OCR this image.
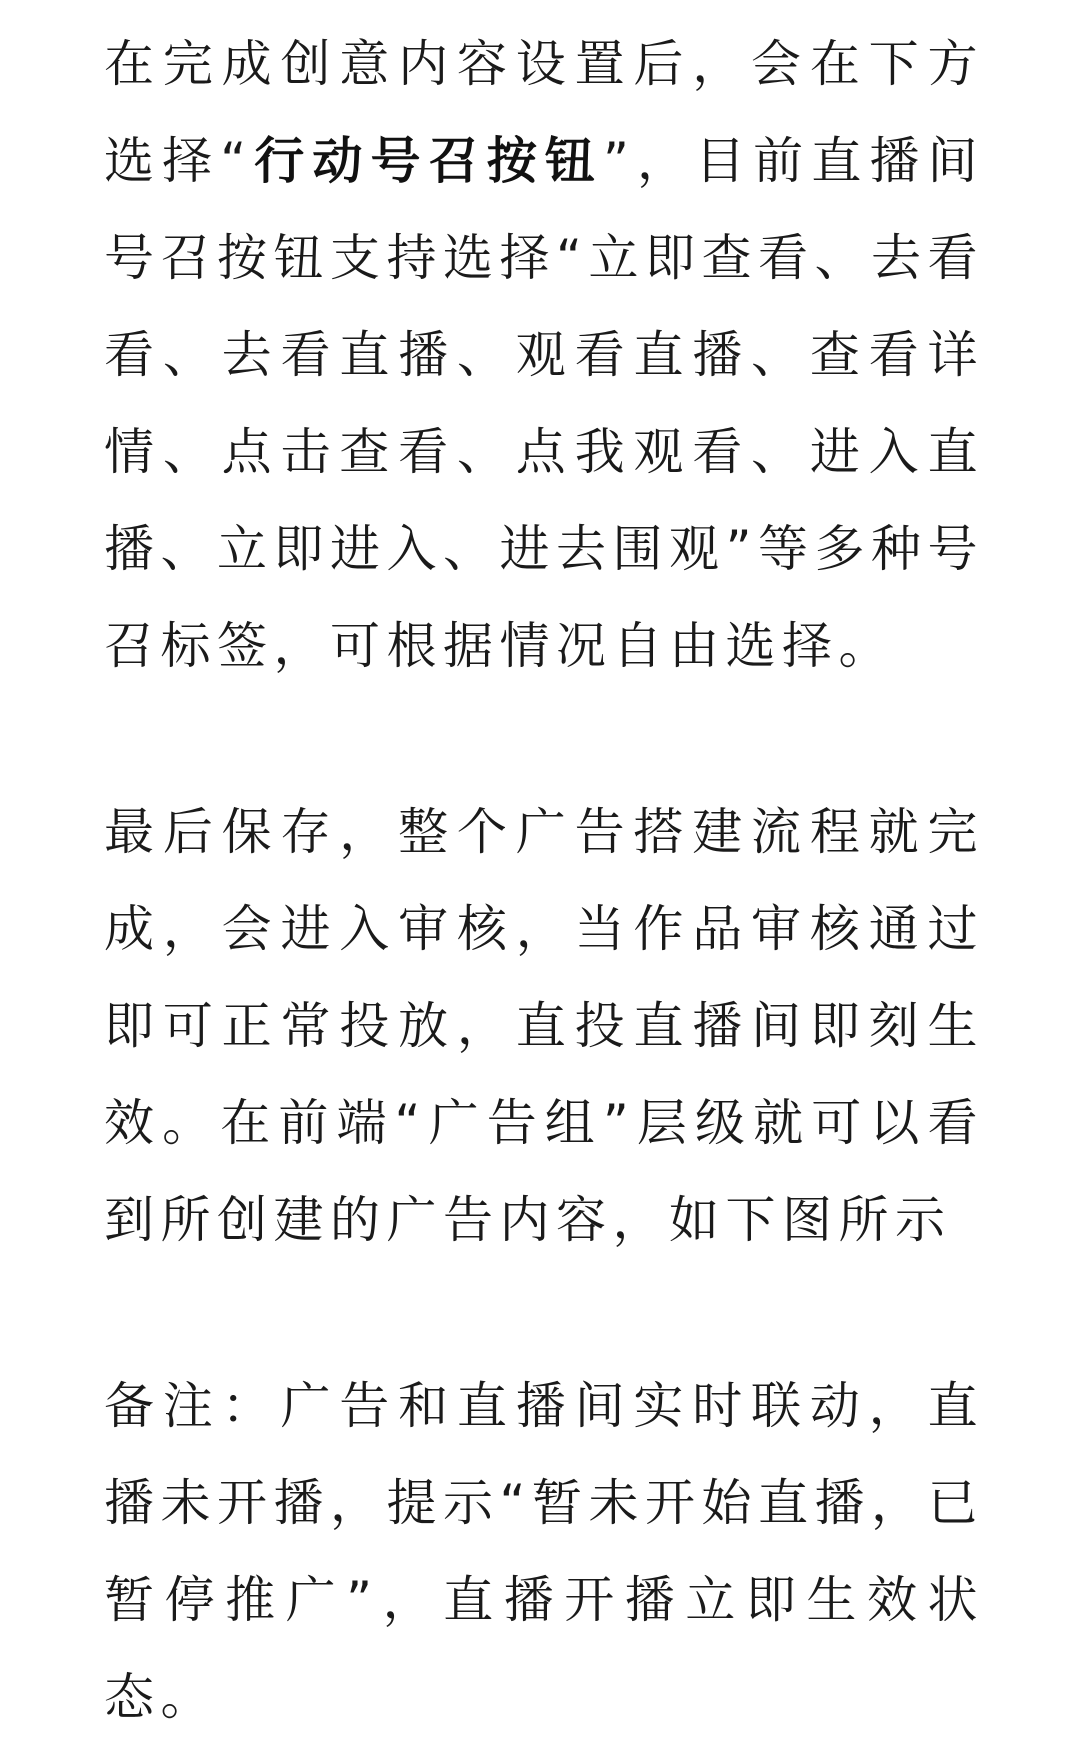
在完成创意内容设置后，会在下方选择“行动号召按钮”，目前直播间号召按钮支持选择“立即查看、去看看、去看直播、观看直播、查看详情、点击查看、点我观看、进入直播、立即进入、进去围观”等多种号召标签，可根据情况自由选择。

最后保存，整个广告搭建流程就完成，会进入审核，当作品审核通过即可正常投放，直投直播间即刻生效。在前端“广告组”层级就可以看到所创建的广告内容，如下图所示

备注：广告和直播间实时联动，直播未开播，提示“暂未开始直播，已暂停推广”，直播开播立即生效状态。
